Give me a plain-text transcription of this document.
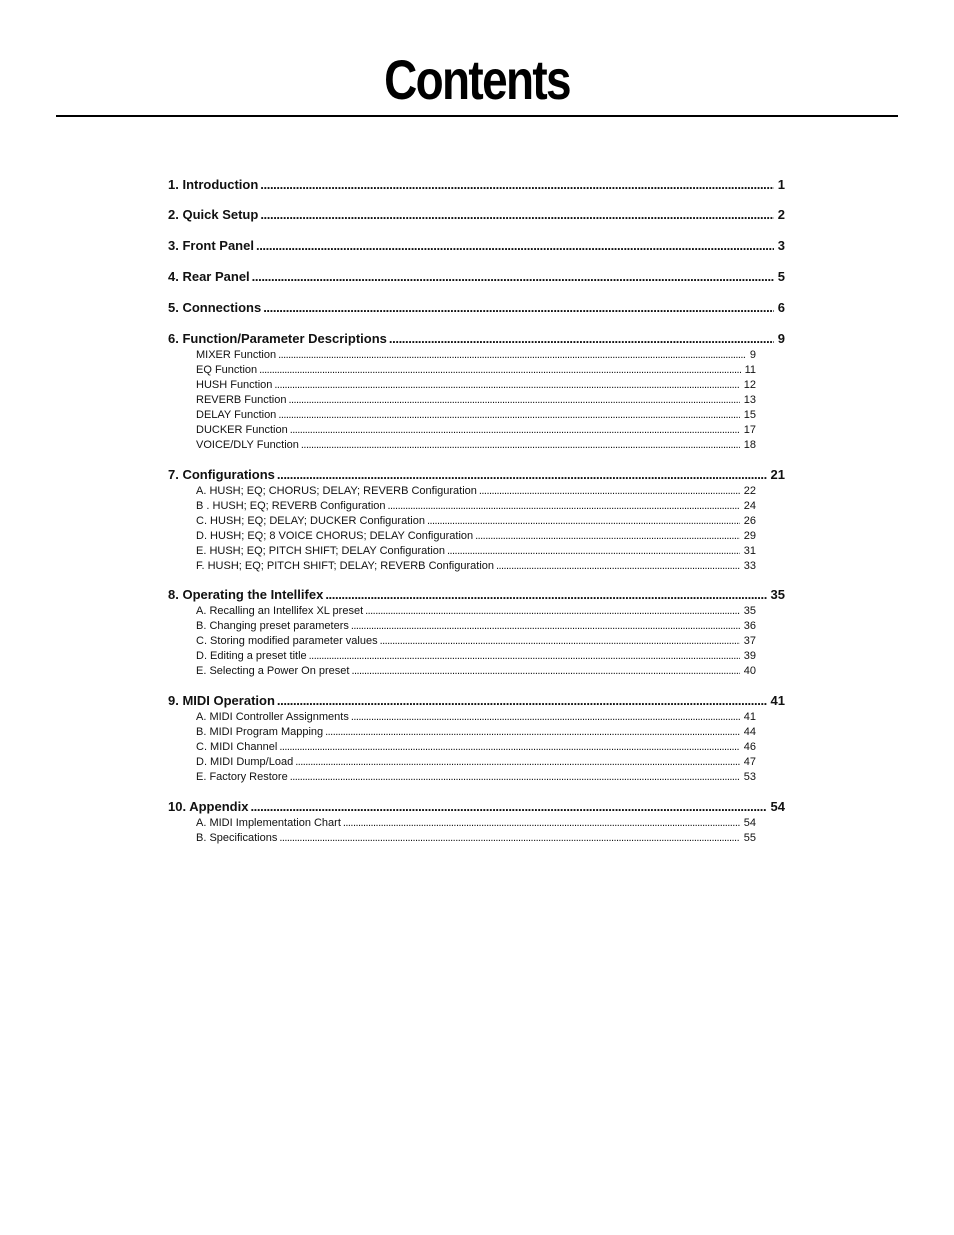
Contents
1. Introduction . . .	1
2. Quick Setup . . .	2
3. Front Panel . . .	3
4. Rear Panel . . .	5
5. Connections . . .	6
6. Function/Parameter Descriptions . . .	9
MIXER Function . . .	9
EQ Function . . .	11
HUSH Function . . .	12
REVERB Function . . .	13
DELAY Function . . .	15
DUCKER Function . . .	17
VOICE/DLY Function . . .	18
7. Configurations . . .	21
A. HUSH; EQ; CHORUS; DELAY; REVERB Configuration . . .	22
B . HUSH; EQ; REVERB Configuration . . .	24
C. HUSH; EQ; DELAY; DUCKER Configuration . . .	26
D. HUSH; EQ; 8 VOICE CHORUS; DELAY Configuration . . .	29
E. HUSH; EQ; PITCH SHIFT; DELAY Configuration . . .	31
F. HUSH; EQ; PITCH SHIFT; DELAY; REVERB Configuration . . .	33
8. Operating the Intellifex . . .	35
A. Recalling an Intellifex XL preset . . .	35
B. Changing preset parameters . . .	36
C. Storing modified parameter values . . .	37
D. Editing a preset title . . .	39
E. Selecting a Power On preset . . .	40
9. MIDI Operation . . .	41
A. MIDI Controller Assignments . . .	41
B. MIDI Program Mapping . . .	44
C. MIDI Channel . . .	46
D. MIDI Dump/Load . . .	47
E. Factory Restore . . .	53
10. Appendix . . .	54
A. MIDI Implementation Chart . . .	54
B. Specifications . . .	55
